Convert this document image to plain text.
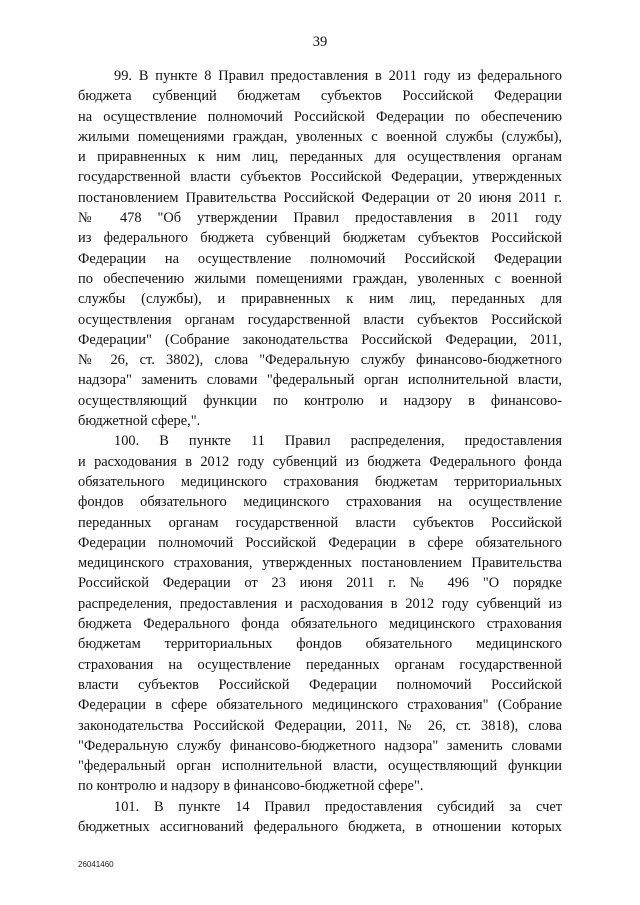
39
99. В пункте 8 Правил предоставления в 2011 году из федерального
бюджета субвенций бюджетам субъектов Российской Федерации
на осуществление полномочий Российской Федерации по обеспечению
жилыми помещениями граждан, уволенных с военной службы (службы),
и приравненных к ним лиц, переданных для осуществления органам
государственной власти субъектов Российской Федерации, утвержденных
постановлением Правительства Российской Федерации от 20 июня 2011 г.
№ 478 "Об утверждении Правил предоставления в 2011 году
из федерального бюджета субвенций бюджетам субъектов Российской
Федерации на осуществление полномочий Российской Федерации
по обеспечению жилыми помещениями граждан, уволенных с военной
службы (службы), и приравненных к ним лиц, переданных для
осуществления органам государственной власти субъектов Российской
Федерации" (Собрание законодательства Российской Федерации, 2011,
№ 26, ст. 3802), слова "Федеральную службу финансово-бюджетного
надзора" заменить словами "федеральный орган исполнительной власти,
осуществляющий функции по контролю и надзору в финансово-
бюджетной сфере,".
100. В пункте 11 Правил распределения, предоставления
и расходования в 2012 году субвенций из бюджета Федерального фонда
обязательного медицинского страхования бюджетам территориальных
фондов обязательного медицинского страхования на осуществление
переданных органам государственной власти субъектов Российской
Федерации полномочий Российской Федерации в сфере обязательного
медицинского страхования, утвержденных постановлением Правительства
Российской Федерации от 23 июня 2011 г. № 496 "О порядке
распределения, предоставления и расходования в 2012 году субвенций из
бюджета Федерального фонда обязательного медицинского страхования
бюджетам территориальных фондов обязательного медицинского
страхования на осуществление переданных органам государственной
власти субъектов Российской Федерации полномочий Российской
Федерации в сфере обязательного медицинского страхования" (Собрание
законодательства Российской Федерации, 2011, № 26, ст. 3818), слова
"Федеральную службу финансово-бюджетного надзора" заменить словами
"федеральный орган исполнительной власти, осуществляющий функции
по контролю и надзору в финансово-бюджетной сфере".
101. В пункте 14 Правил предоставления субсидий за счет
бюджетных ассигнований федерального бюджета, в отношении которых
26041460
